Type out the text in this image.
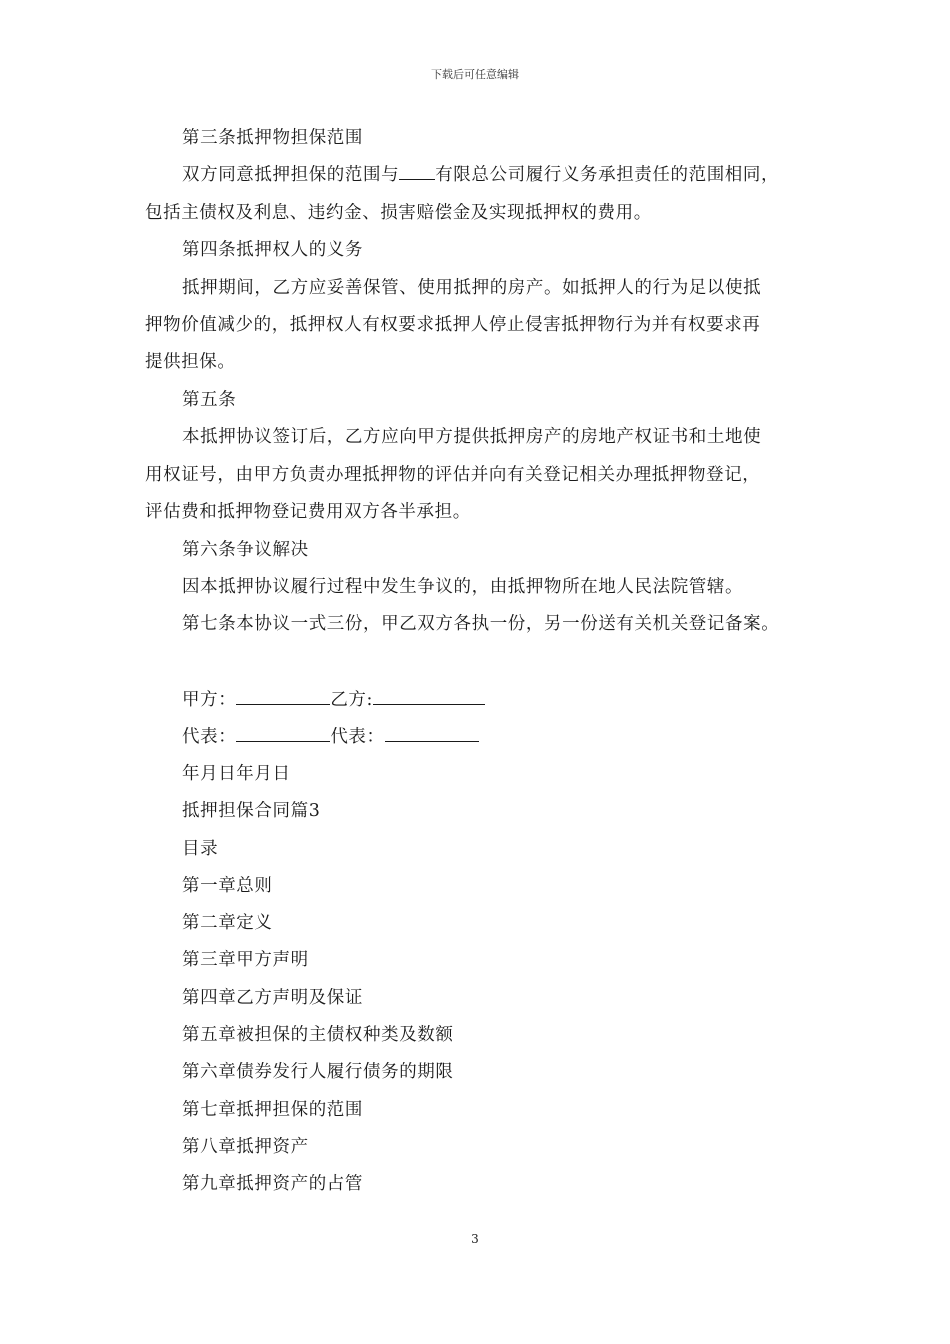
下载后可任意编辑
第三条抵押物担保范围
双方同意抵押担保的范围与 有限总公司履行义务承担责任的范围相同，
包括主债权及利息、违约金、损害赔偿金及实现抵押权的费用。
第四条抵押权人的义务
抵押期间，乙方应妥善保管、使用抵押的房产。如抵押人的行为足以使抵
押物价值减少的，抵押权人有权要求抵押人停止侵害抵押物行为并有权要求再
提供担保。
第五条
本抵押协议签订后，乙方应向甲方提供抵押房产的房地产权证书和土地使
用权证号，由甲方负责办理抵押物的评估并向有关登记相关办理抵押物登记，
评估费和抵押物登记费用双方各半承担。
第六条争议解决
因本抵押协议履行过程中发生争议的，由抵押物所在地人民法院管辖。
第七条本协议一式三份，甲乙双方各执一份，另一份送有关机关登记备案。
甲方：	乙方:
代表：	代表：
年月日年月日
抵押担保合同篇3
目录
第一章总则
第二章定义
第三章甲方声明
第四章乙方声明及保证
第五章被担保的主债权种类及数额
第六章债券发行人履行债务的期限
第七章抵押担保的范围
第八章抵押资产
第九章抵押资产的占管
3
